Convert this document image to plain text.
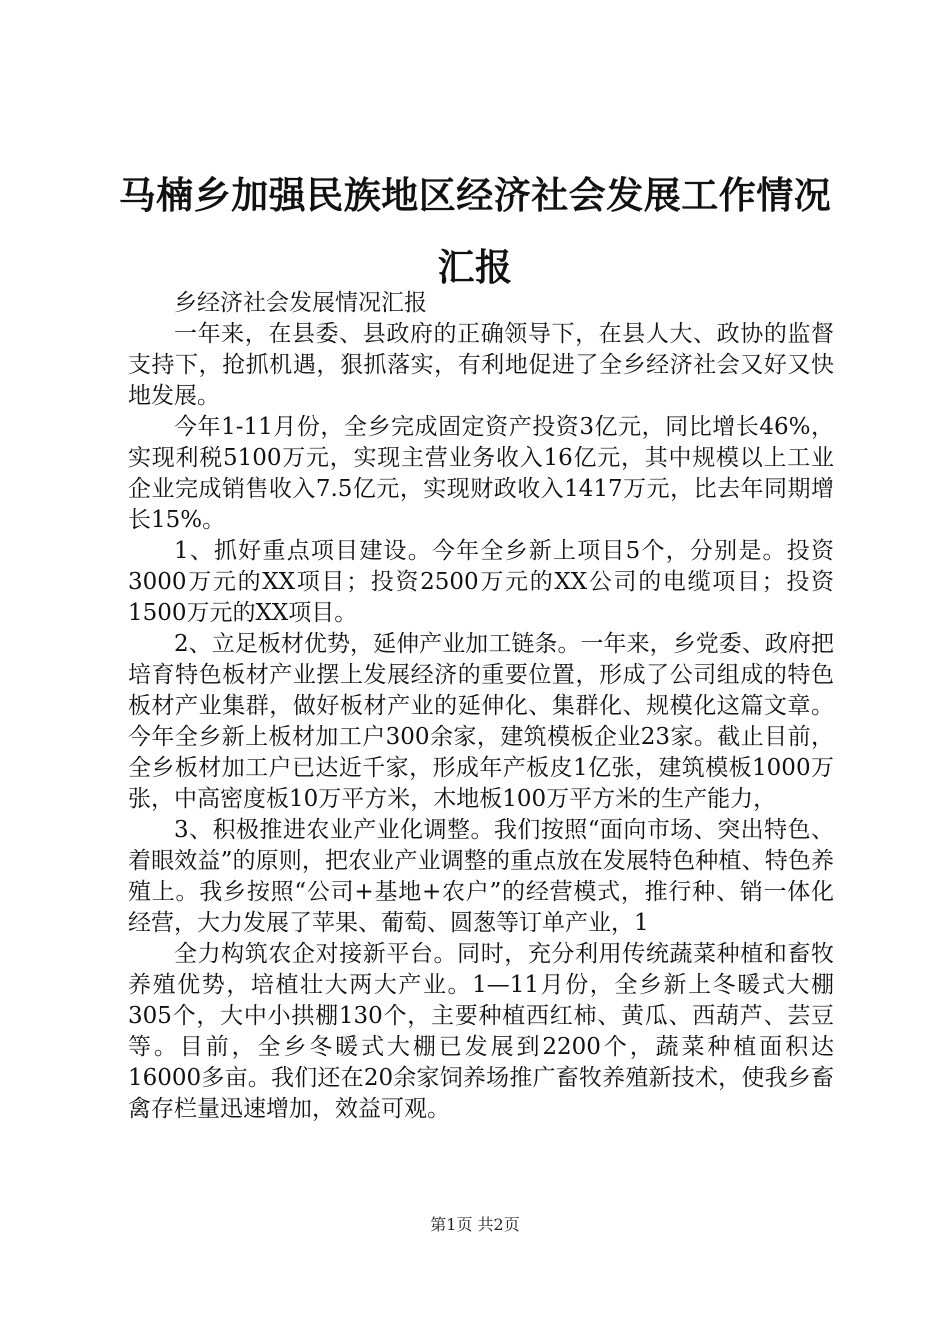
马楠乡加强民族地区经济社会发展工作情况汇报

乡经济社会发展情况汇报

一年来，在县委、县政府的正确领导下，在县人大、政协的监督支持下，抢抓机遇，狠抓落实，有利地促进了全乡经济社会又好又快地发展。

今年1-11月份，全乡完成固定资产投资3亿元，同比增长46%，实现利税5100万元，实现主营业务收入16亿元，其中规模以上工业企业完成销售收入7.5亿元，实现财政收入1417万元，比去年同期增长15%。

1、抓好重点项目建设。今年全乡新上项目5个，分别是。投资3000万元的XX项目；投资2500万元的XX公司的电缆项目；投资1500万元的XX项目。

2、立足板材优势，延伸产业加工链条。一年来，乡党委、政府把培育特色板材产业摆上发展经济的重要位置，形成了公司组成的特色板材产业集群，做好板材产业的延伸化、集群化、规模化这篇文章。今年全乡新上板材加工户300余家，建筑模板企业23家。截止目前，全乡板材加工户已达近千家，形成年产板皮1亿张，建筑模板1000万张，中高密度板10万平方米，木地板100万平方米的生产能力，

3、积极推进农业产业化调整。我们按照“面向市场、突出特色、着眼效益”的原则，把农业产业调整的重点放在发展特色种植、特色养殖上。我乡按照“公司+基地+农户”的经营模式，推行种、销一体化经营，大力发展了苹果、葡萄、圆葱等订单产业，1

全力构筑农企对接新平台。同时，充分利用传统蔬菜种植和畜牧养殖优势，培植壮大两大产业。1—11月份，全乡新上冬暖式大棚305个，大中小拱棚130个，主要种植西红柿、黄瓜、西葫芦、芸豆等。目前，全乡冬暖式大棚已发展到2200个，蔬菜种植面积达16000多亩。我们还在20余家饲养场推广畜牧养殖新技术，使我乡畜禽存栏量迅速增加，效益可观。

第1页 共2页
